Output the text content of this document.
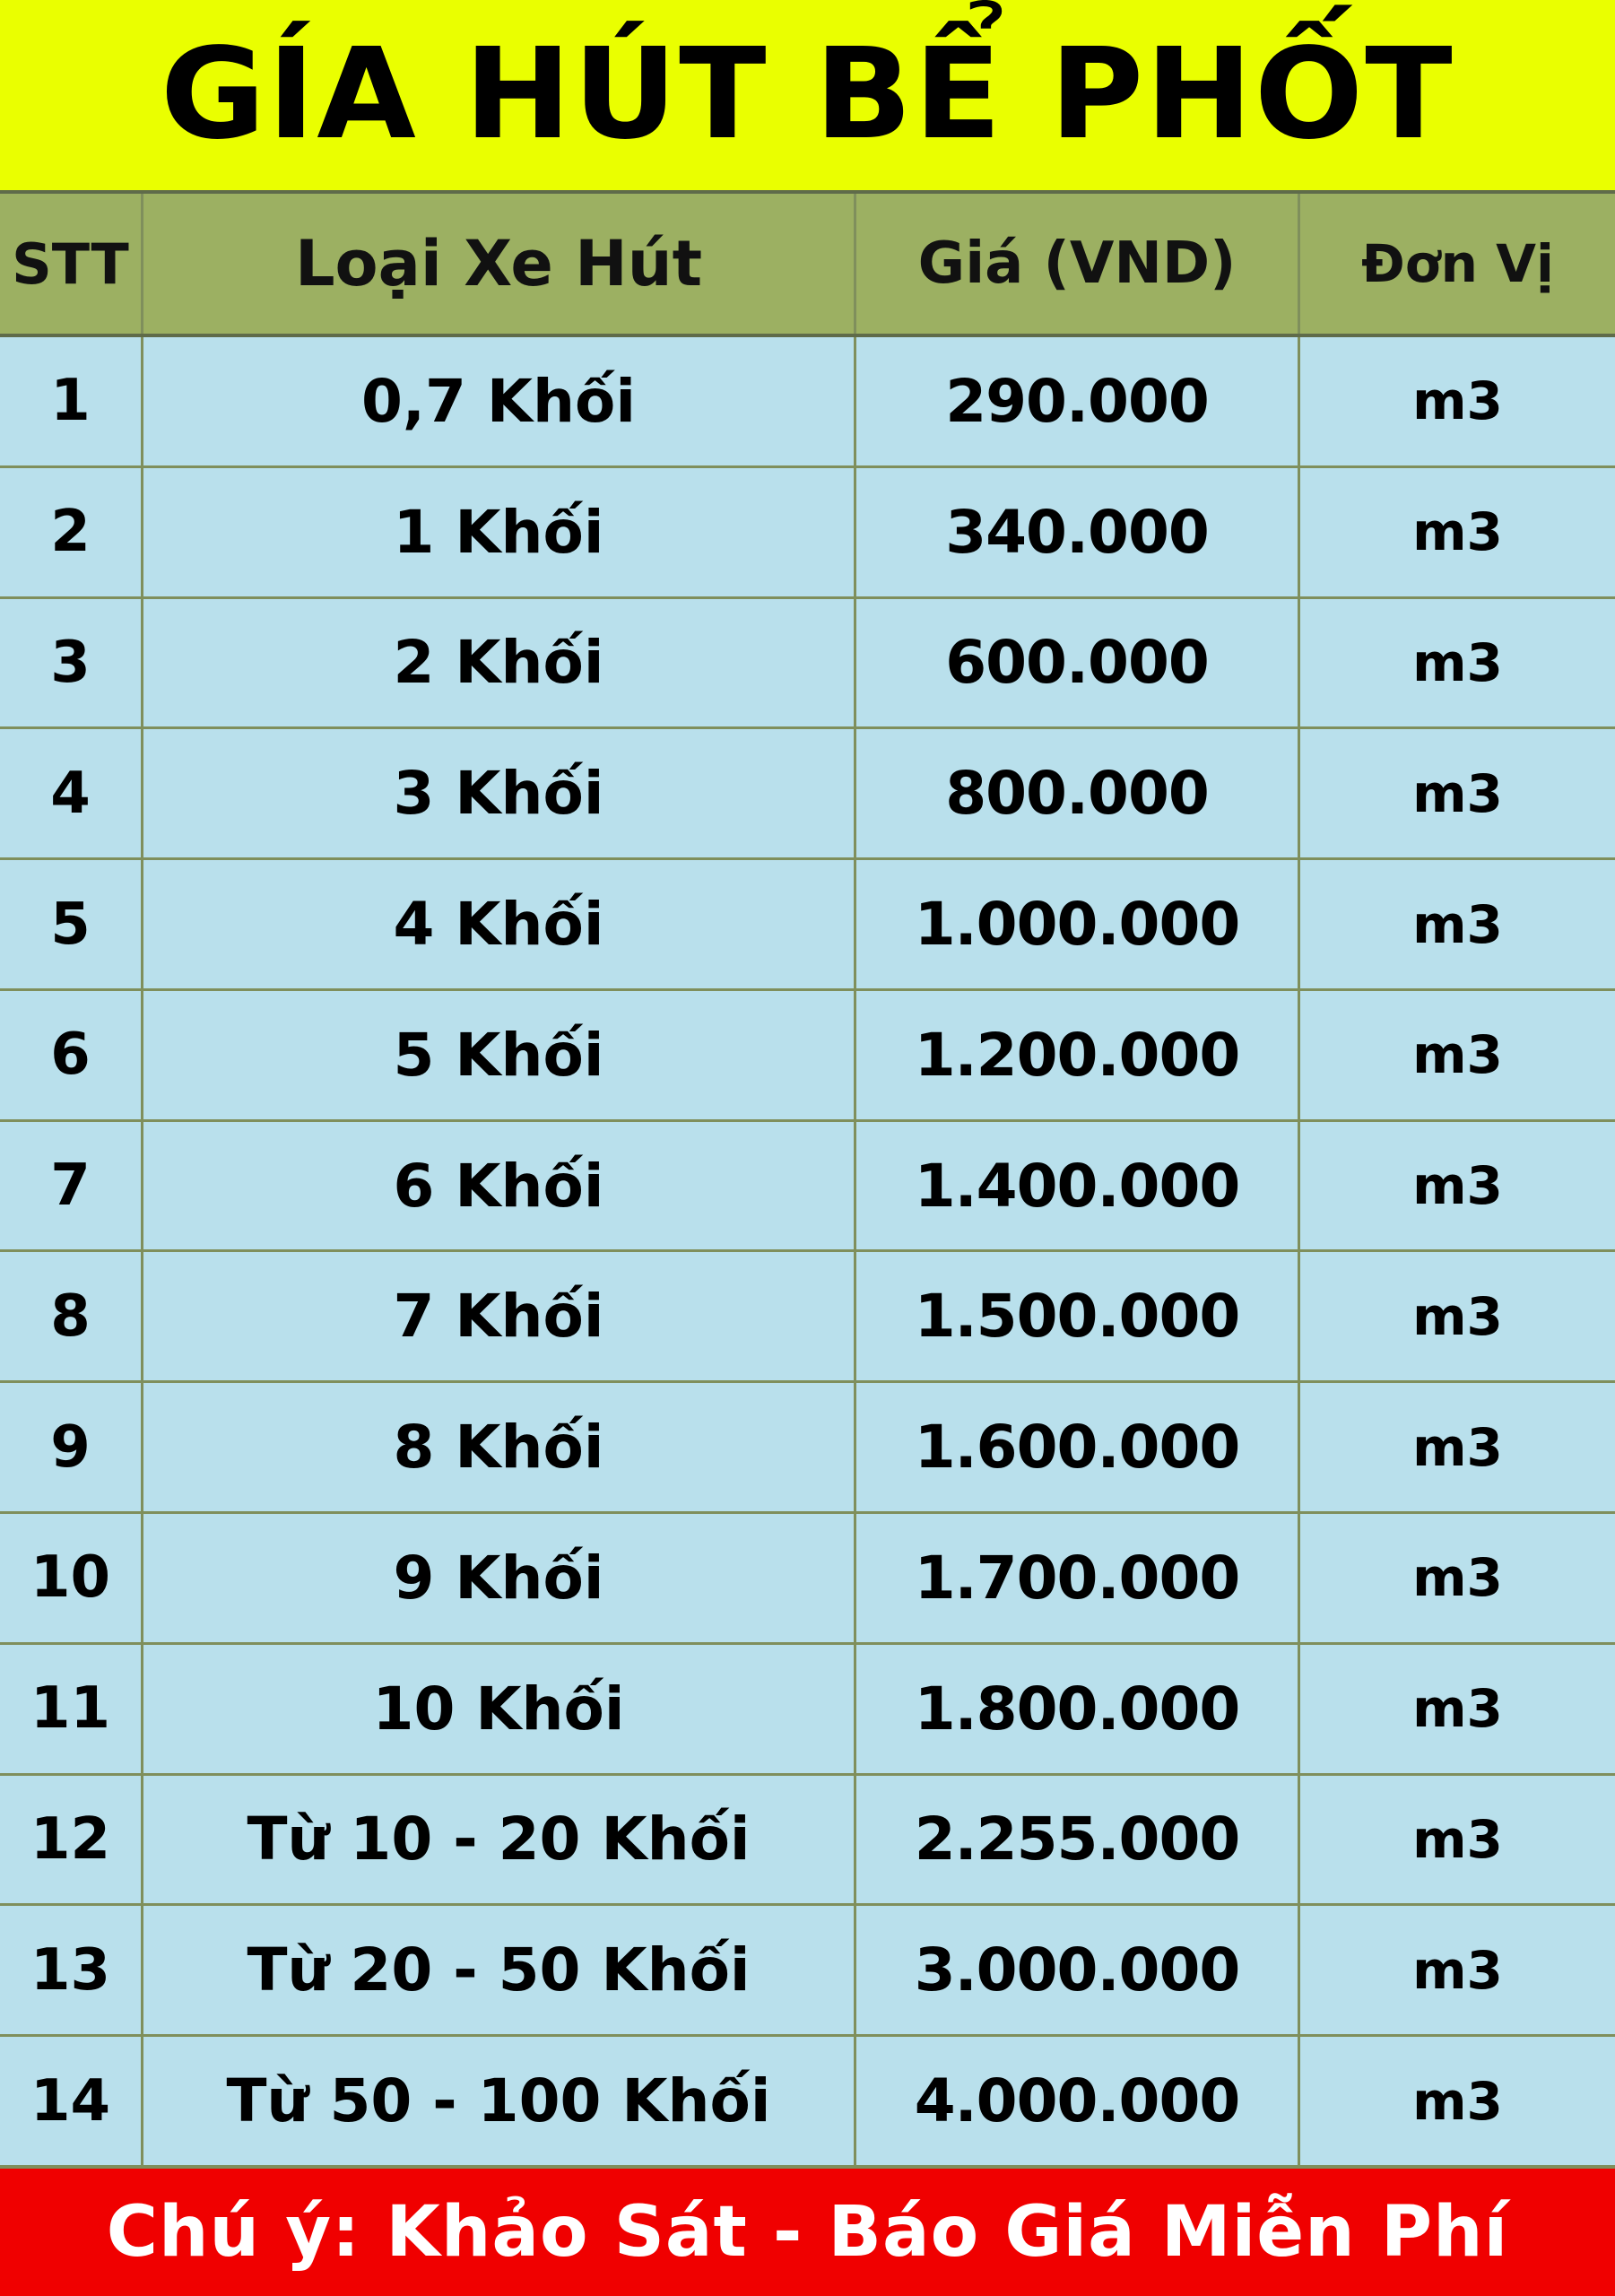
GÍA HÚT BỂ PHỐT
STT	Loại Xe Hút	Giá (VND)	Đơn Vị
1	0,7 Khối	290.000	m3
2	1 Khối	340.000	m3
3	2 Khối	600.000	m3
4	3 Khối	800.000	m3
5	4 Khối	1.000.000	m3
6	5 Khối	1.200.000	m3
7	6 Khối	1.400.000	m3
8	7 Khối	1.500.000	m3
9	8 Khối	1.600.000	m3
10	9 Khối	1.700.000	m3
11	10 Khối	1.800.000	m3
12	Từ 10 - 20 Khối	2.255.000	m3
13	Từ 20 - 50 Khối	3.000.000	m3
14	Từ 50 - 100 Khối	4.000.000	m3
Chú ý: Khảo Sát - Báo Giá Miễn Phí
